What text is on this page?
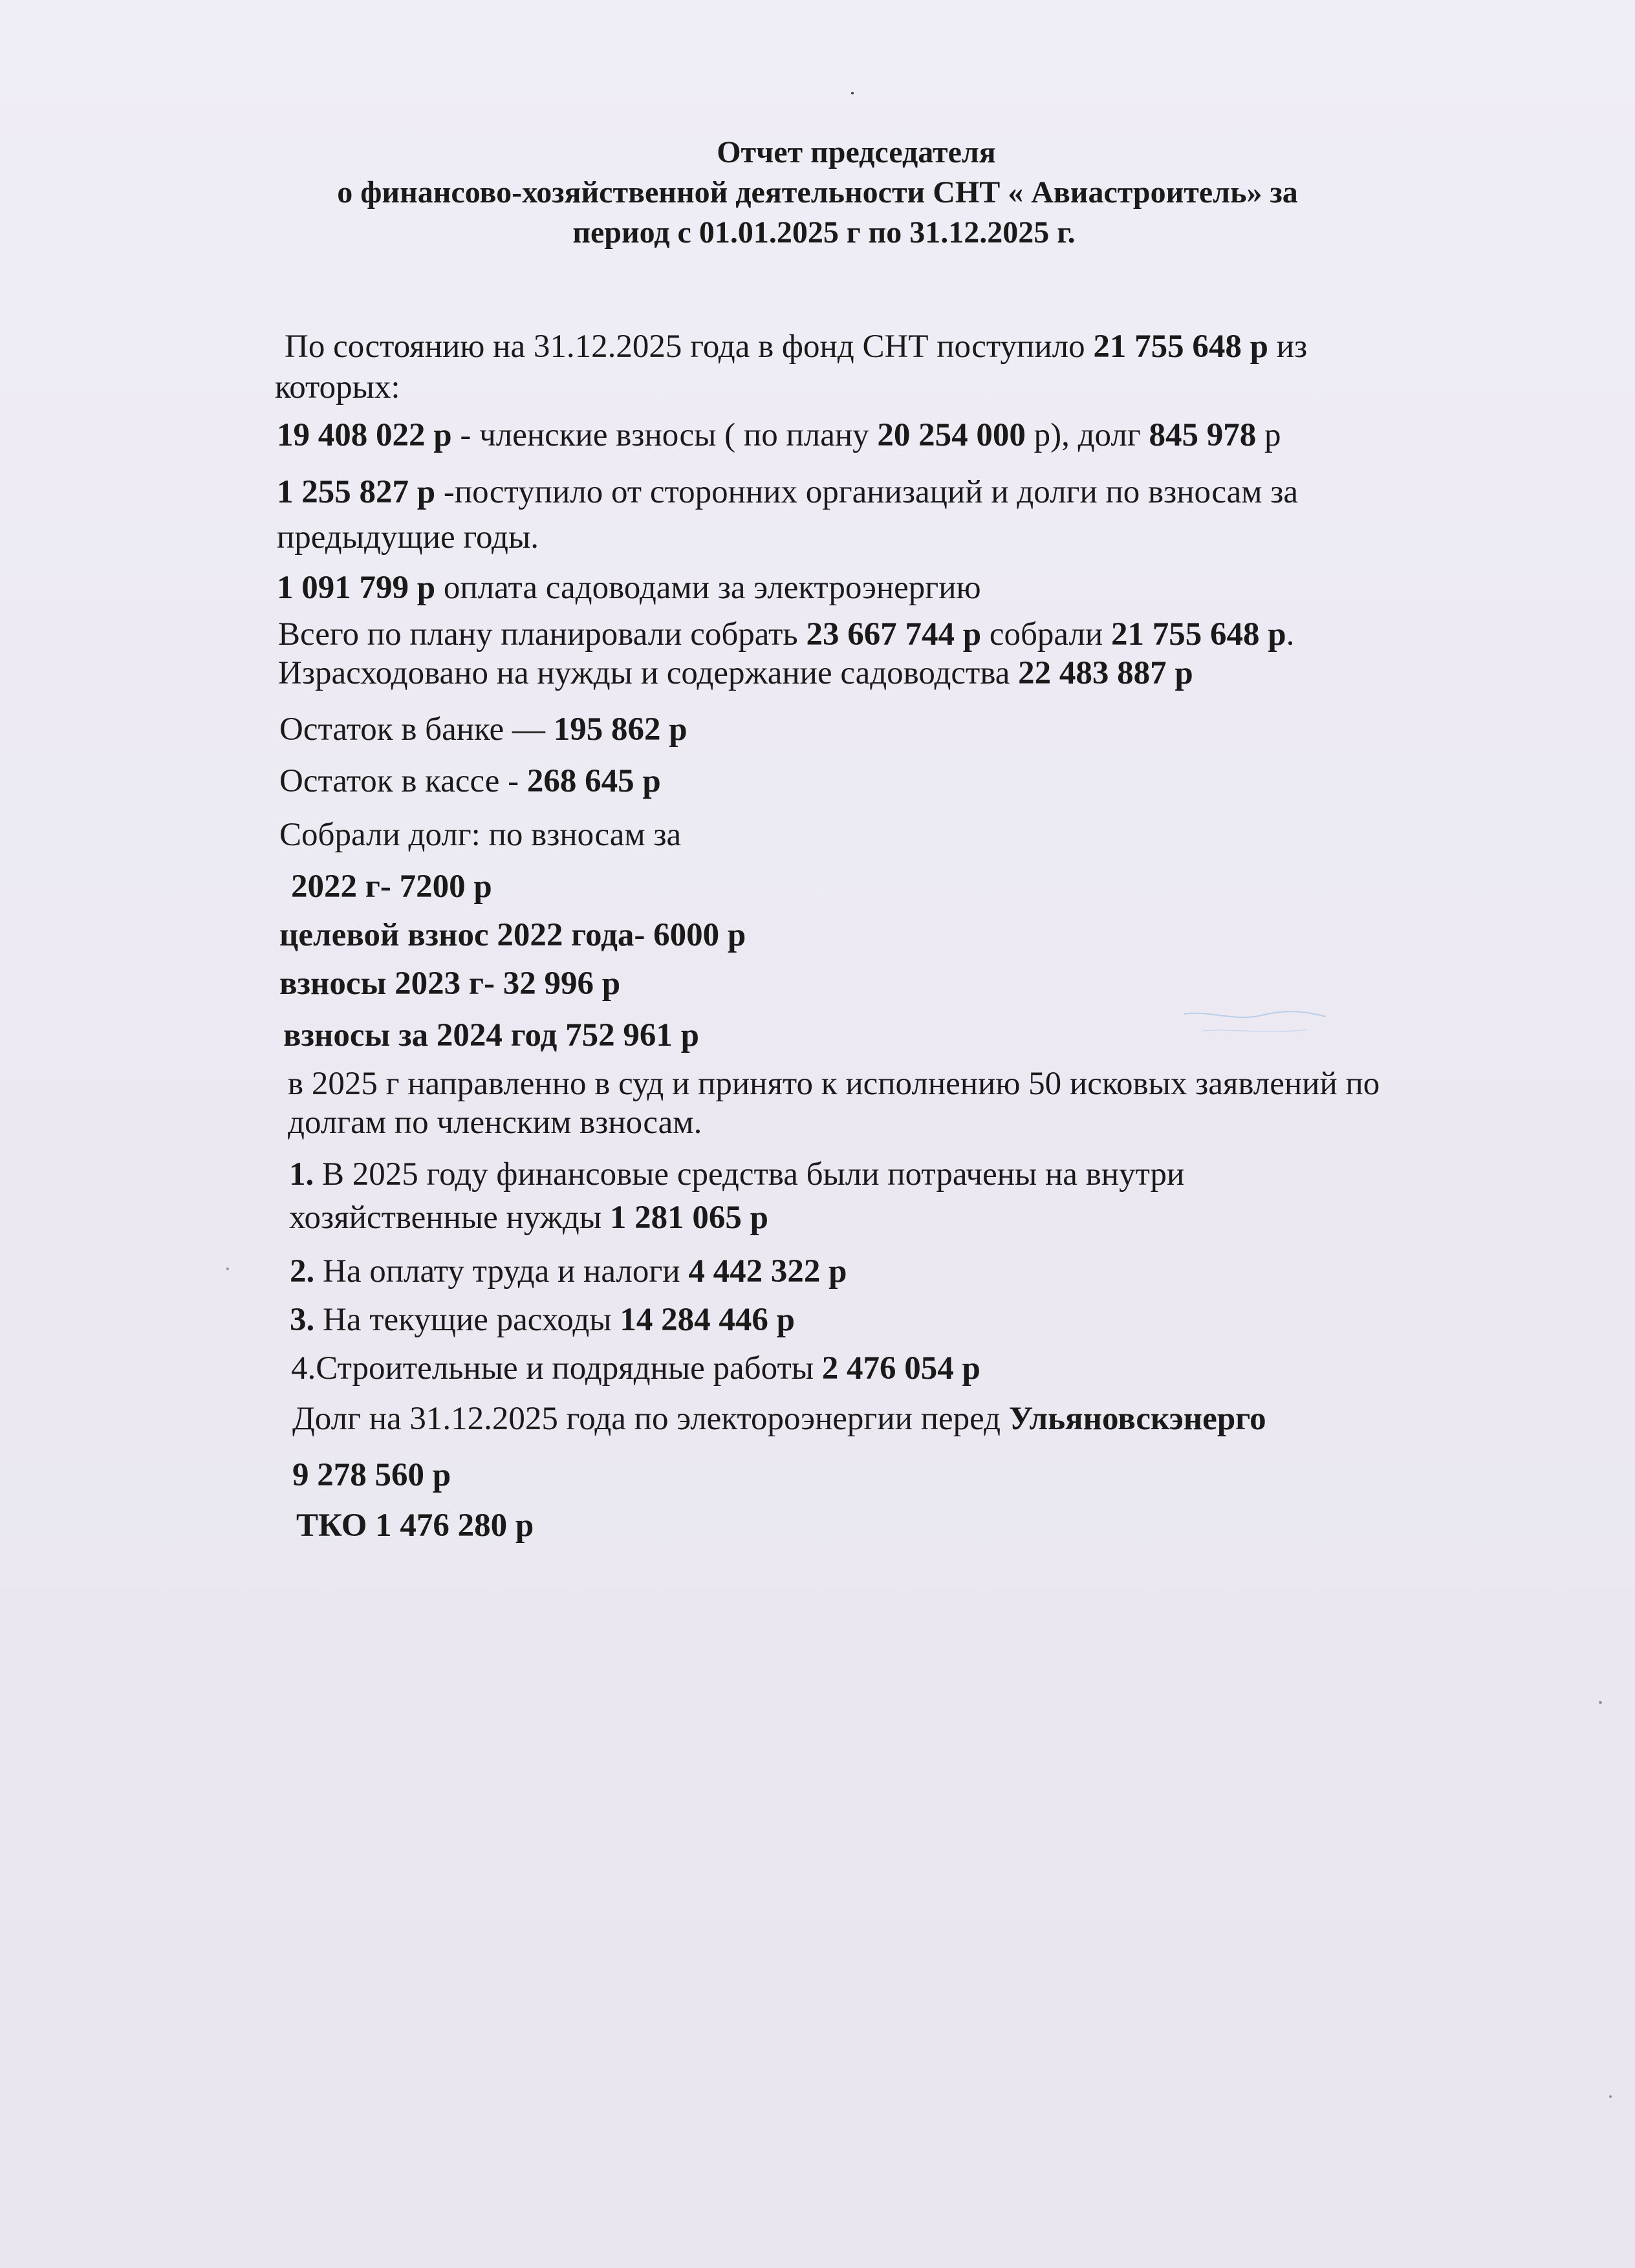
Отчет председателя
о финансово-хозяйственной деятельности СНТ « Авиастроитель» за
период с 01.01.2025 г по 31.12.2025 г.
По состоянию на 31.12.2025 года в фонд СНТ поступило 21 755 648 р из
которых:
19 408 022 р - членские взносы ( по плану 20 254 000 р), долг 845 978 р
1 255 827 р -поступило от сторонних организаций и долги по взносам за
предыдущие годы.
1 091 799 р оплата садоводами за электроэнергию
Всего по плану планировали собрать 23 667 744 р собрали 21 755 648 р.
Израсходовано на нужды и содержание садоводства 22 483 887 р
Остаток в банке — 195 862 р
Остаток в кассе - 268 645 р
Собрали долг: по взносам за
2022 г- 7200 р
целевой взнос 2022 года- 6000 р
взносы 2023 г- 32 996 р
взносы за 2024 год 752 961 р
в 2025 г направленно в суд и принято к исполнению 50 исковых заявлений по
долгам по членским взносам.
1. В 2025 году финансовые средства были потрачены на внутри
хозяйственные нужды 1 281 065 р
2. На оплату труда и налоги 4 442 322 р
3. На текущие расходы 14 284 446 р
4.Строительные и подрядные работы 2 476 054 р
Долг на 31.12.2025 года по электороэнергии перед Ульяновскэнерго
9 278 560 р
ТКО 1 476 280 р
